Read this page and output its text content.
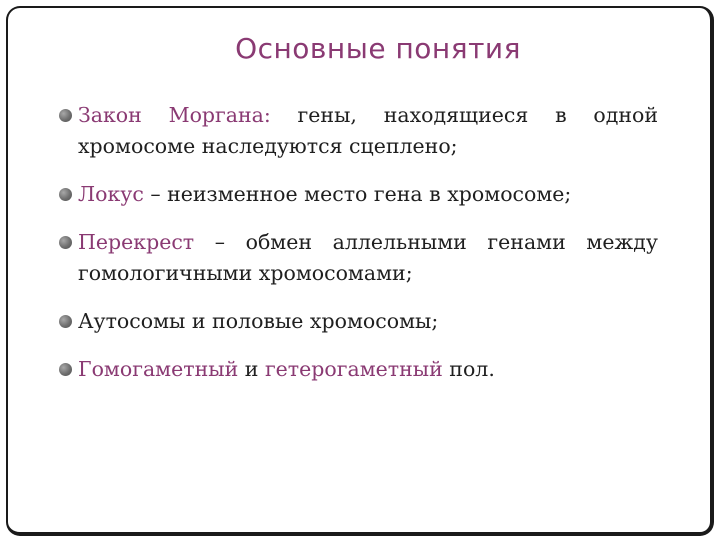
Основные понятия
Закон Моргана: гены, находящиеся в одной
хромосоме наследуются сцеплено;
Локус – неизменное место гена в хромосоме;
Перекрест – обмен аллельными генами между
гомологичными хромосомами;
Аутосомы и половые хромосомы;
Гомогаметный и гетерогаметный пол.
